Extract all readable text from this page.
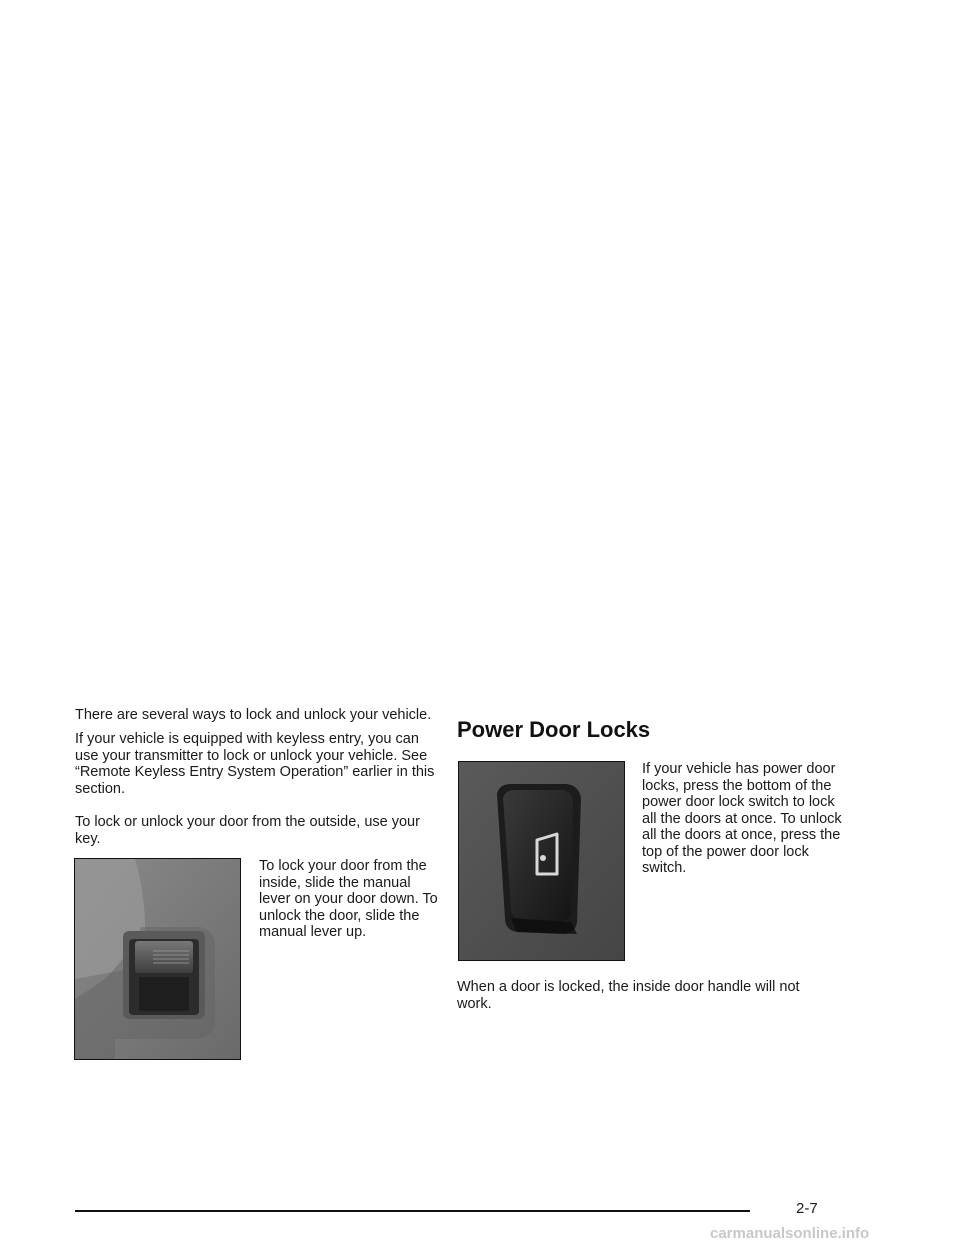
There are several ways to lock and unlock your vehicle.

If your vehicle is equipped with keyless entry, you can use your transmitter to lock or unlock your vehicle. See “Remote Keyless Entry System Operation” earlier in this section.

To lock or unlock your door from the outside, use your key.

To lock your door from the inside, slide the manual lever on your door down. To unlock the door, slide the manual lever up.

Power Door Locks

If your vehicle has power door locks, press the bottom of the power door lock switch to lock all the doors at once. To unlock all the doors at once, press the top of the power door lock switch.

When a door is locked, the inside door handle will not work.

2-7
carmanualsonline.info
